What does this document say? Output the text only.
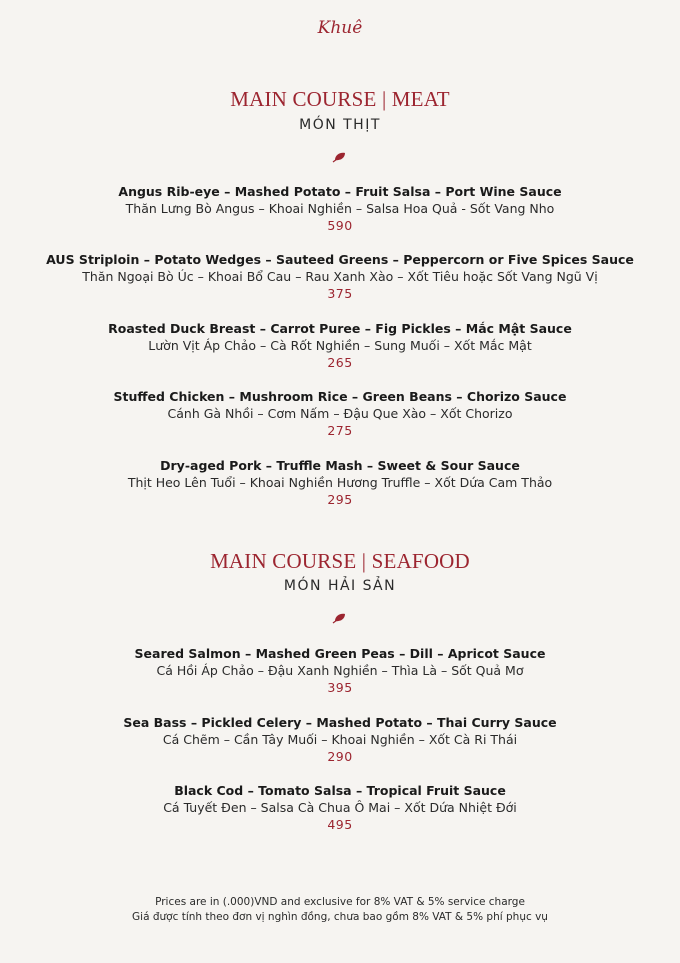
Khuê
MAIN COURSE | MEAT
MÓN THỊT
Angus Rib-eye – Mashed Potato – Fruit Salsa – Port Wine Sauce
Thăn Lưng Bò Angus – Khoai Nghiền – Salsa Hoa Quả - Sốt Vang Nho
590
AUS Striploin – Potato Wedges – Sauteed Greens – Peppercorn or Five Spices Sauce
Thăn Ngoại Bò Úc – Khoai Bổ Cau – Rau Xanh Xào – Xốt Tiêu hoặc Sốt Vang Ngũ Vị
375
Roasted Duck Breast – Carrot Puree – Fig Pickles – Mắc Mật Sauce
Lườn Vịt Áp Chảo – Cà Rốt Nghiền – Sung Muối – Xốt Mắc Mật
265
Stuffed Chicken – Mushroom Rice – Green Beans – Chorizo Sauce
Cánh Gà Nhồi – Cơm Nấm – Đậu Que Xào – Xốt Chorizo
275
Dry-aged Pork – Truffle Mash – Sweet & Sour Sauce
Thịt Heo Lên Tuổi – Khoai Nghiền Hương Truffle – Xốt Dứa Cam Thảo
295
MAIN COURSE | SEAFOOD
MÓN HẢI SẢN
Seared Salmon – Mashed Green Peas – Dill – Apricot Sauce
Cá Hồi Áp Chảo – Đậu Xanh Nghiền – Thìa Là – Sốt Quả Mơ
395
Sea Bass – Pickled Celery – Mashed Potato – Thai Curry Sauce
Cá Chẽm – Cần Tây Muối – Khoai Nghiền – Xốt Cà Ri Thái
290
Black Cod – Tomato Salsa – Tropical Fruit Sauce
Cá Tuyết Đen – Salsa Cà Chua Ô Mai – Xốt Dứa Nhiệt Đới
495
Prices are in (.000)VND and exclusive for 8% VAT & 5% service charge
Giá được tính theo đơn vị nghìn đồng, chưa bao gồm 8% VAT & 5% phí phục vụ
